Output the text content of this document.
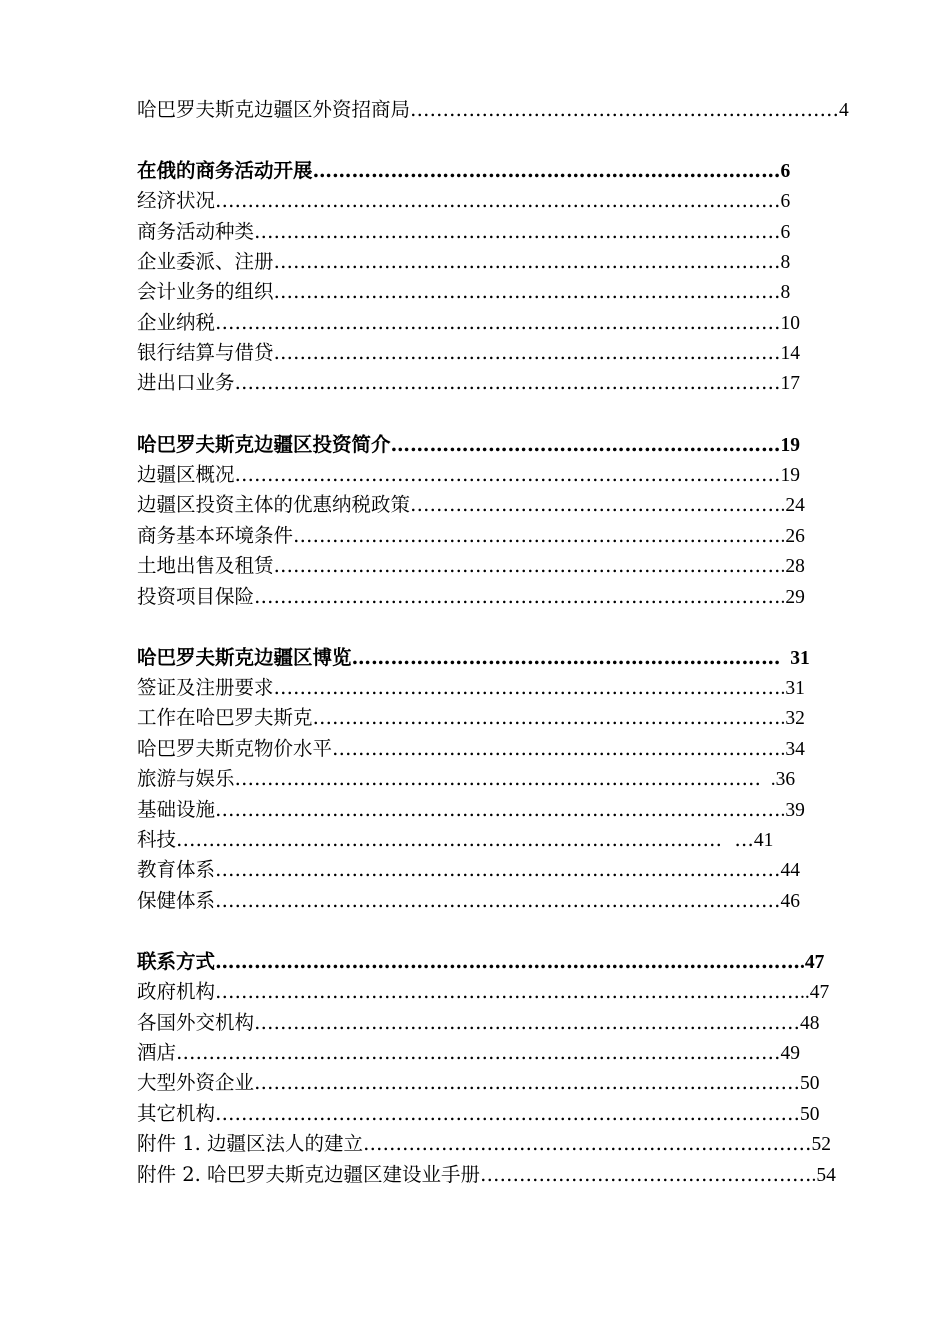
哈巴罗夫斯克边疆区外资招商局…………………………………………………………4
在俄的商务活动开展………………………………………………………………6
经济状况……………………………………………………………………………6
商务活动种类………………………………………………………………………6
企业委派、注册……………………………………………………………………8
会计业务的组织……………………………………………………………………8
企业纳税……………………………………………………………………………10
银行结算与借贷……………………………………………………………………14
进出口业务…………………………………………………………………………17
哈巴罗夫斯克边疆区投资简介……………………………………………………19
边疆区概况…………………………………………………………………………19
边疆区投资主体的优惠纳税政策………………………………………………….24
商务基本环境条件………………………………………………………………….26
土地出售及租赁…………………………………………………………………….28
投资项目保险……………………………………………………………………….29
哈巴罗夫斯克边疆区博览…………………………………………………………  31
签证及注册要求…………………………………………………………………….31
工作在哈巴罗夫斯克……………………………………………………………….32
哈巴罗夫斯克物价水平…………………………………………………………….34
旅游与娱乐………………………………………………………………………  .36
基础设施…………………………………………………………………………….39
科技…………………………………………………………………………  …41
教育体系……………………………………………………………………………44
保健体系……………………………………………………………………………46
联系方式……………………………………………………………………………….47
政府机构………………………………………………………………………………..47
各国外交机构…………………………………………………………………………48
酒店…………………………………………………………………………………49
大型外资企业…………………………………………………………………………50
其它机构………………………………………………………………………………50
附件 1. 边疆区法人的建立……………………………………………………………52
附件 2. 哈巴罗夫斯克边疆区建设业手册…………………………………………….54
